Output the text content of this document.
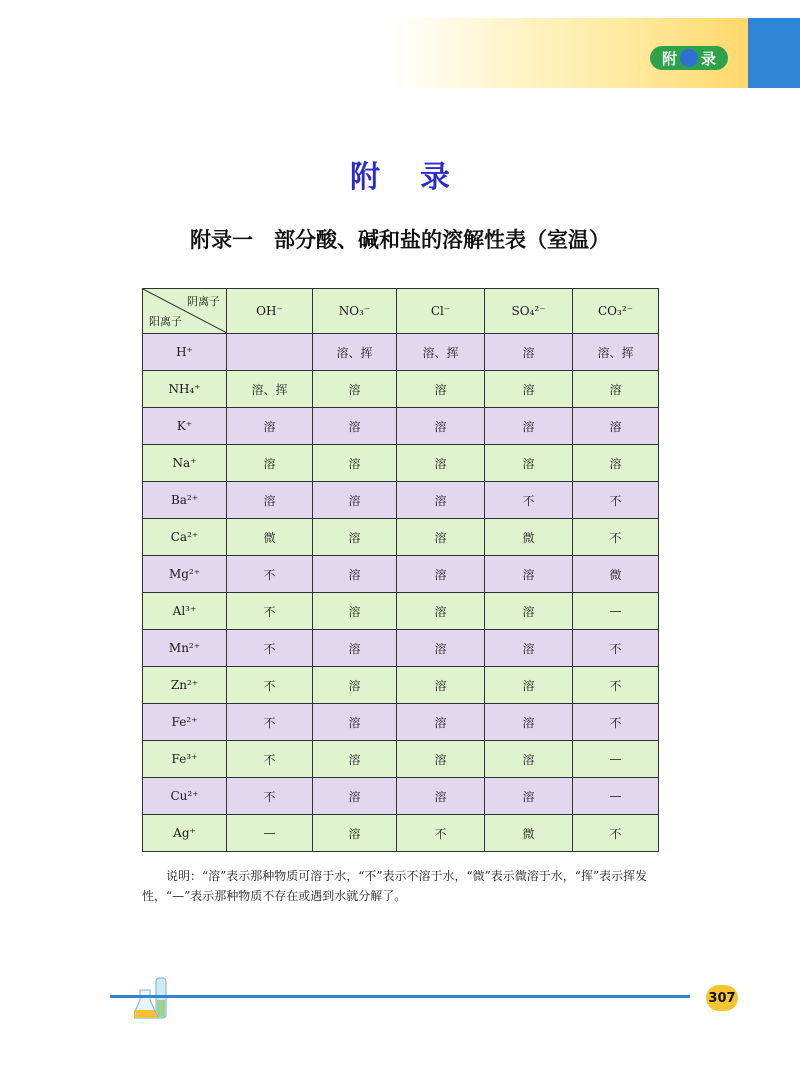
附 录
附录
附录一　部分酸、碱和盐的溶解性表（室温）
阴离子
阳离子	OH⁻	NO₃⁻	Cl⁻	SO₄²⁻	CO₃²⁻
H⁺		溶、挥	溶、挥	溶	溶、挥
NH₄⁺	溶、挥	溶	溶	溶	溶
K⁺	溶	溶	溶	溶	溶
Na⁺	溶	溶	溶	溶	溶
Ba²⁺	溶	溶	溶	不	不
Ca²⁺	微	溶	溶	微	不
Mg²⁺	不	溶	溶	溶	微
Al³⁺	不	溶	溶	溶	—
Mn²⁺	不	溶	溶	溶	不
Zn²⁺	不	溶	溶	溶	不
Fe²⁺	不	溶	溶	溶	不
Fe³⁺	不	溶	溶	溶	—
Cu²⁺	不	溶	溶	溶	—
Ag⁺	—	溶	不	微	不
说明：“溶”表示那种物质可溶于水，“不”表示不溶于水，“微”表示微溶于水，“挥”表示挥发性，“—”表示那种物质不存在或遇到水就分解了。
307
